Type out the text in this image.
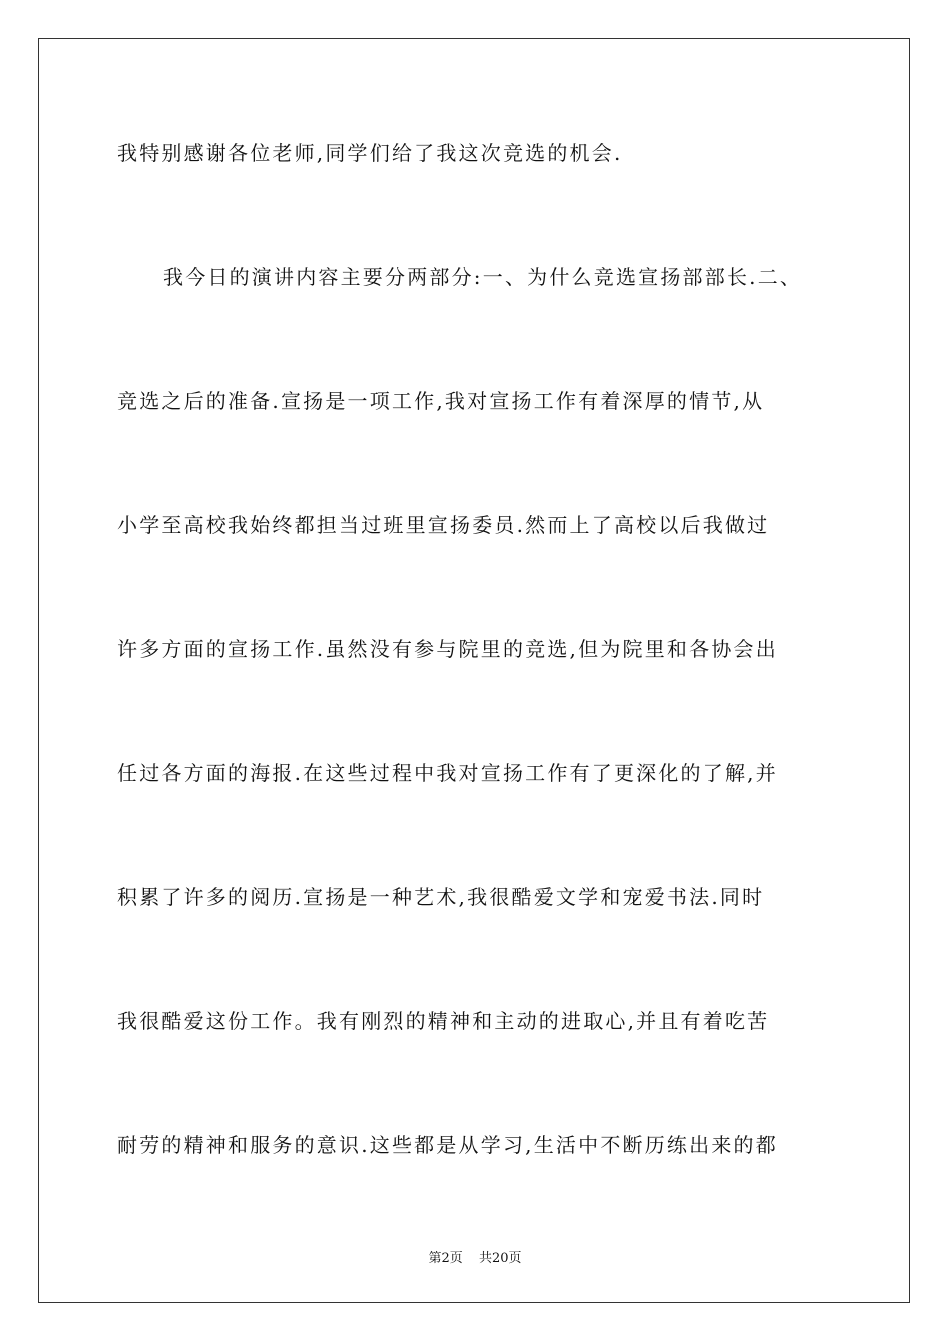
我特别感谢各位老师,同学们给了我这次竞选的机会.
我今日的演讲内容主要分两部分:一、为什么竞选宣扬部部长.二、
竞选之后的准备.宣扬是一项工作,我对宣扬工作有着深厚的情节,从
小学至高校我始终都担当过班里宣扬委员.然而上了高校以后我做过
许多方面的宣扬工作.虽然没有参与院里的竞选,但为院里和各协会出
任过各方面的海报.在这些过程中我对宣扬工作有了更深化的了解,并
积累了许多的阅历.宣扬是一种艺术,我很酷爱文学和宠爱书法.同时
我很酷爱这份工作。我有刚烈的精神和主动的进取心,并且有着吃苦
耐劳的精神和服务的意识.这些都是从学习,生活中不断历练出来的都
第2页 共20页
